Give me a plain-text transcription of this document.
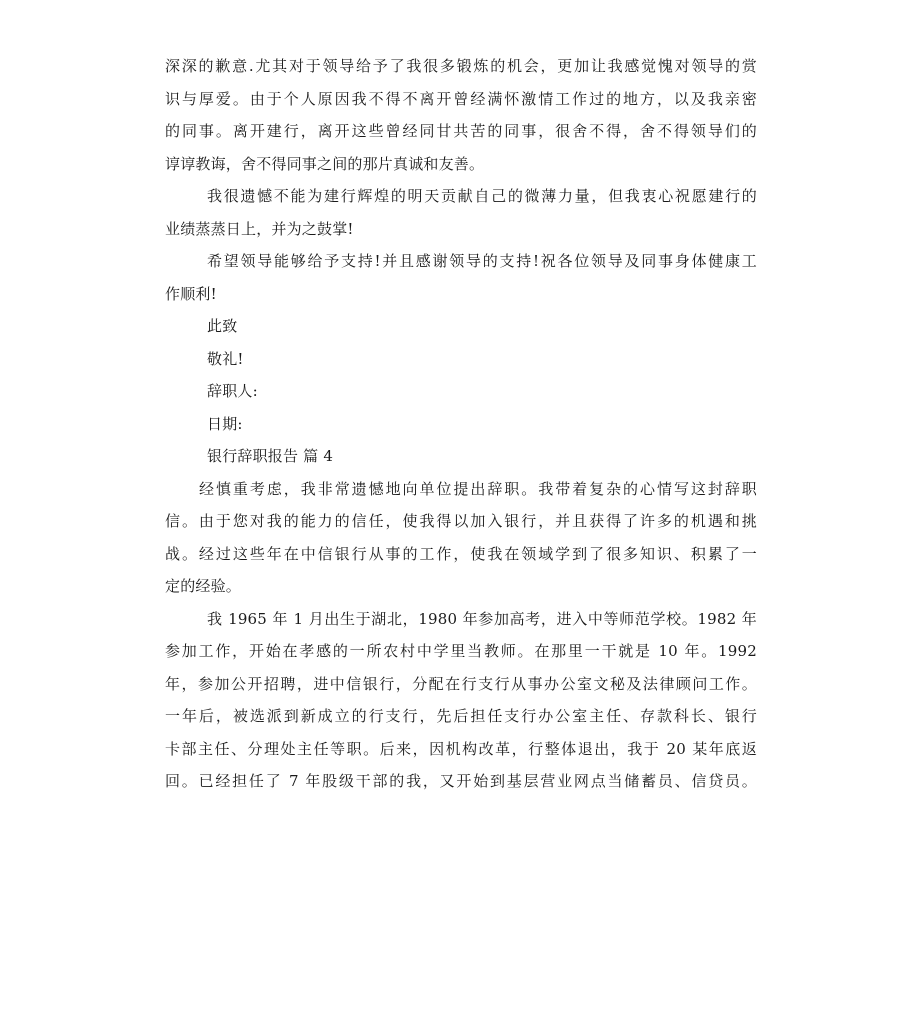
深深的歉意.尤其对于领导给予了我很多锻炼的机会，更加让我感觉愧对领导的赏
识与厚爱。由于个人原因我不得不离开曾经满怀激情工作过的地方，以及我亲密
的同事。离开建行，离开这些曾经同甘共苦的同事，很舍不得，舍不得领导们的
谆谆教诲，舍不得同事之间的那片真诚和友善。
我很遗憾不能为建行辉煌的明天贡献自己的微薄力量，但我衷心祝愿建行的
业绩蒸蒸日上，并为之鼓掌!
希望领导能够给予支持!并且感谢领导的支持!祝各位领导及同事身体健康工
作顺利!
此致
敬礼!
辞职人:
日期:
银行辞职报告 篇 4
经慎重考虑，我非常遗憾地向单位提出辞职。我带着复杂的心情写这封辞职
信。由于您对我的能力的信任，使我得以加入银行，并且获得了许多的机遇和挑
战。经过这些年在中信银行从事的工作，使我在领域学到了很多知识、积累了一
定的经验。
我 1965 年 1 月出生于湖北，1980 年参加高考，进入中等师范学校。1982 年
参加工作，开始在孝感的一所农村中学里当教师。在那里一干就是 10 年。1992
年，参加公开招聘，进中信银行，分配在行支行从事办公室文秘及法律顾问工作。
一年后，被选派到新成立的行支行，先后担任支行办公室主任、存款科长、银行
卡部主任、分理处主任等职。后来，因机构改革，行整体退出，我于 20 某年底返
回。已经担任了 7 年股级干部的我，又开始到基层营业网点当储蓄员、信贷员。
